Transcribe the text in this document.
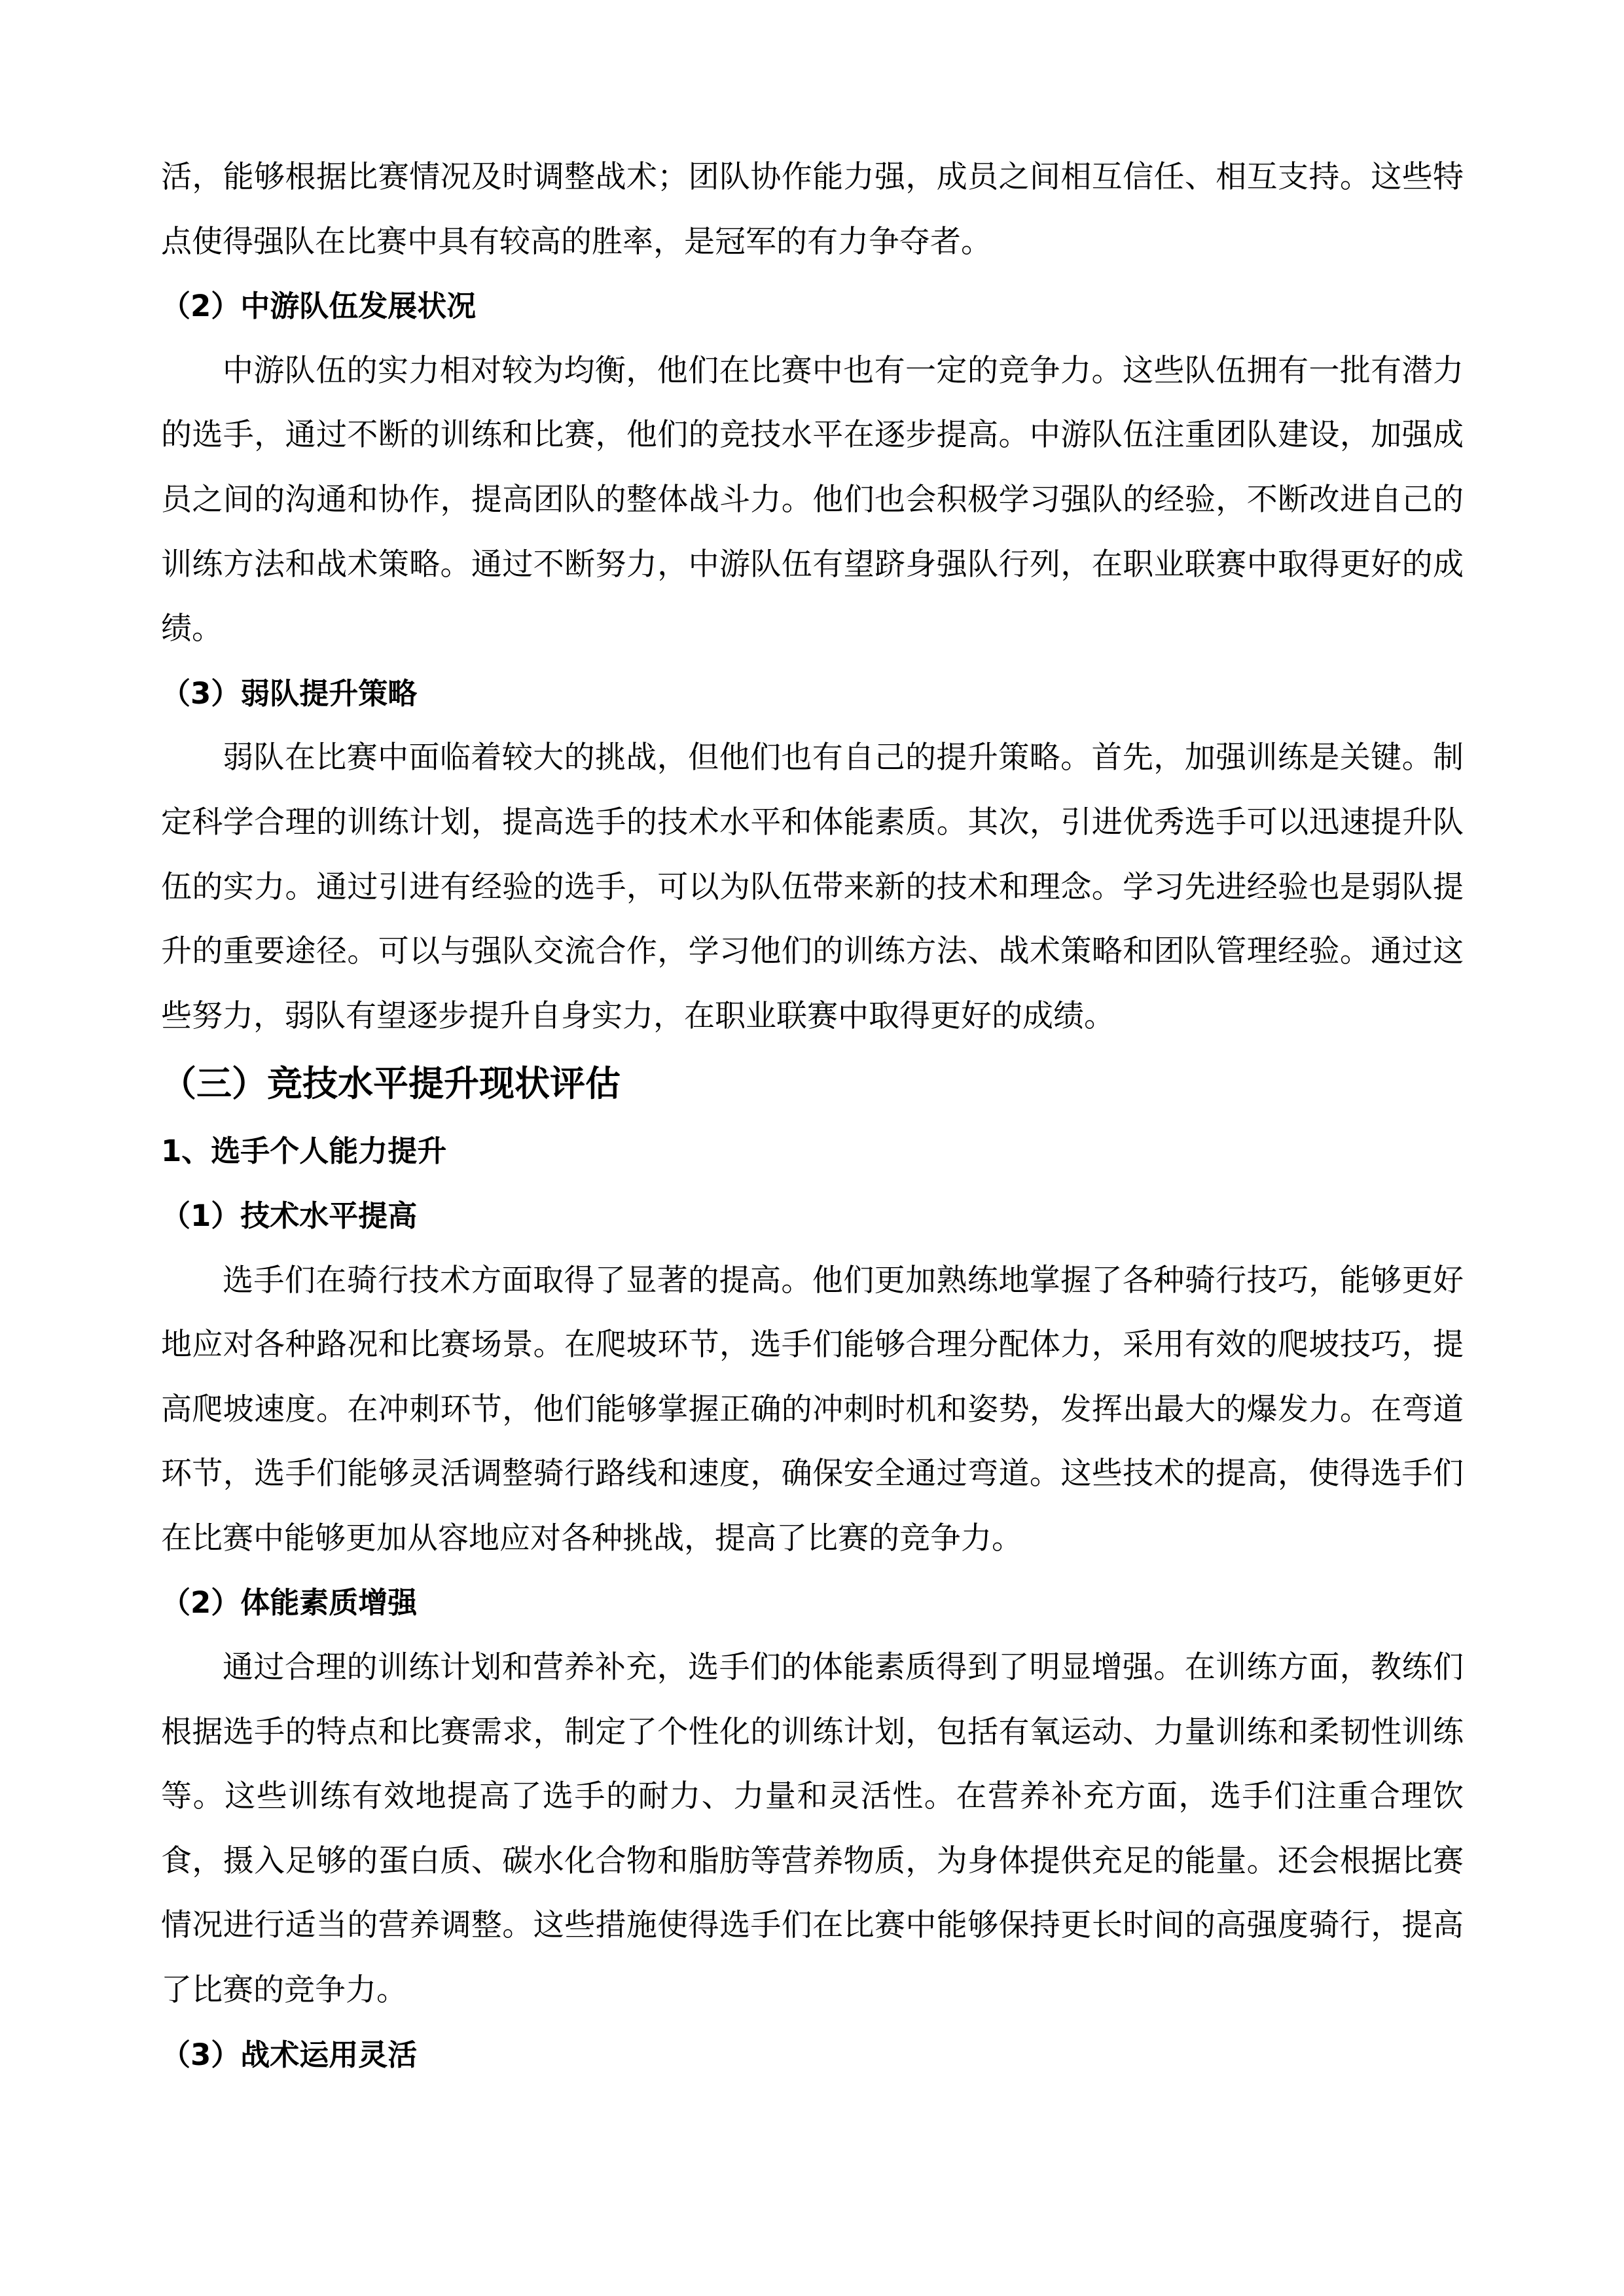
活，能够根据比赛情况及时调整战术；团队协作能力强，成员之间相互信任、相互支持。这些特点使得强队在比赛中具有较高的胜率，是冠军的有力争夺者。

（2）中游队伍发展状况

中游队伍的实力相对较为均衡，他们在比赛中也有一定的竞争力。这些队伍拥有一批有潜力的选手，通过不断的训练和比赛，他们的竞技水平在逐步提高。中游队伍注重团队建设，加强成员之间的沟通和协作，提高团队的整体战斗力。他们也会积极学习强队的经验，不断改进自己的训练方法和战术策略。通过不断努力，中游队伍有望跻身强队行列，在职业联赛中取得更好的成绩。

（3）弱队提升策略

弱队在比赛中面临着较大的挑战，但他们也有自己的提升策略。首先，加强训练是关键。制定科学合理的训练计划，提高选手的技术水平和体能素质。其次，引进优秀选手可以迅速提升队伍的实力。通过引进有经验的选手，可以为队伍带来新的技术和理念。学习先进经验也是弱队提升的重要途径。可以与强队交流合作，学习他们的训练方法、战术策略和团队管理经验。通过这些努力，弱队有望逐步提升自身实力，在职业联赛中取得更好的成绩。

（三）竞技水平提升现状评估
1、选手个人能力提升
（1）技术水平提高

选手们在骑行技术方面取得了显著的提高。他们更加熟练地掌握了各种骑行技巧，能够更好地应对各种路况和比赛场景。在爬坡环节，选手们能够合理分配体力，采用有效的爬坡技巧，提高爬坡速度。在冲刺环节，他们能够掌握正确的冲刺时机和姿势，发挥出最大的爆发力。在弯道环节，选手们能够灵活调整骑行路线和速度，确保安全通过弯道。这些技术的提高，使得选手们在比赛中能够更加从容地应对各种挑战，提高了比赛的竞争力。

（2）体能素质增强

通过合理的训练计划和营养补充，选手们的体能素质得到了明显增强。在训练方面，教练们根据选手的特点和比赛需求，制定了个性化的训练计划，包括有氧运动、力量训练和柔韧性训练等。这些训练有效地提高了选手的耐力、力量和灵活性。在营养补充方面，选手们注重合理饮食，摄入足够的蛋白质、碳水化合物和脂肪等营养物质，为身体提供充足的能量。还会根据比赛情况进行适当的营养调整。这些措施使得选手们在比赛中能够保持更长时间的高强度骑行，提高了比赛的竞争力。

（3）战术运用灵活
